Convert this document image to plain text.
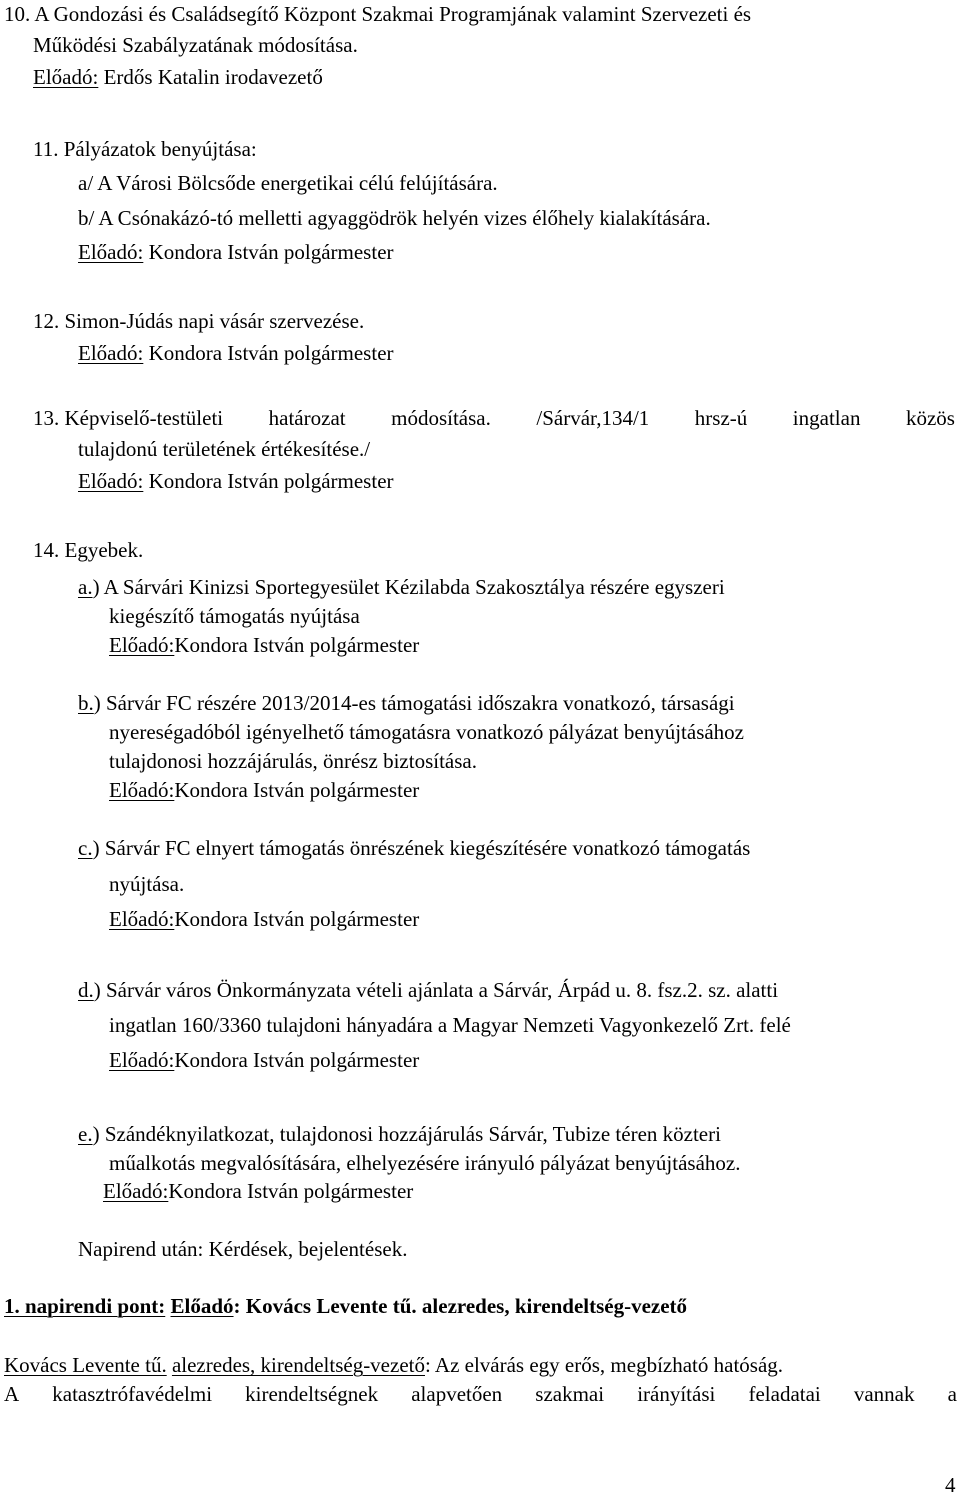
10. A Gondozási és Családsegítő Központ Szakmai Programjának valamint Szervezeti és
Működési Szabályzatának módosítása.
Előadó: Erdős Katalin irodavezető
11. Pályázatok benyújtása:
a/ A Városi Bölcsőde energetikai célú felújítására.
b/ A Csónakázó-tó melletti agyaggödrök helyén vizes élőhely kialakítására.
Előadó: Kondora István polgármester
12. Simon-Júdás napi vásár szervezése.
Előadó: Kondora István polgármester
13. Képviselő-testületi határozat módosítása. /Sárvár,134/1 hrsz-ú ingatlan közös
tulajdonú területének értékesítése./
Előadó: Kondora István polgármester
14. Egyebek.
a.) A Sárvári Kinizsi Sportegyesület Kézilabda Szakosztálya részére egyszeri
kiegészítő támogatás nyújtása
Előadó:Kondora István polgármester
b.) Sárvár FC részére 2013/2014-es támogatási időszakra vonatkozó, társasági
nyereségadóból igényelhető támogatásra vonatkozó pályázat benyújtásához
tulajdonosi hozzájárulás, önrész biztosítása.
Előadó:Kondora István polgármester
c.) Sárvár FC elnyert támogatás önrészének kiegészítésére vonatkozó támogatás
nyújtása.
Előadó:Kondora István polgármester
d.) Sárvár város Önkormányzata vételi ajánlata a Sárvár, Árpád u. 8. fsz.2. sz. alatti
ingatlan 160/3360 tulajdoni hányadára a Magyar Nemzeti Vagyonkezelő Zrt. felé
Előadó:Kondora István polgármester
e.) Szándéknyilatkozat, tulajdonosi hozzájárulás Sárvár, Tubize téren közteri
műalkotás megvalósítására, elhelyezésére irányuló pályázat benyújtásához.
Előadó:Kondora István polgármester
Napirend után: Kérdések, bejelentések.
1. napirendi pont: Előadó: Kovács Levente tű. alezredes, kirendeltség-vezető
Kovács Levente tű. alezredes, kirendeltség-vezető: Az elvárás egy erős, megbízható hatóság.
A katasztrófavédelmi kirendeltségnek alapvetően szakmai irányítási feladatai vannak a
4
